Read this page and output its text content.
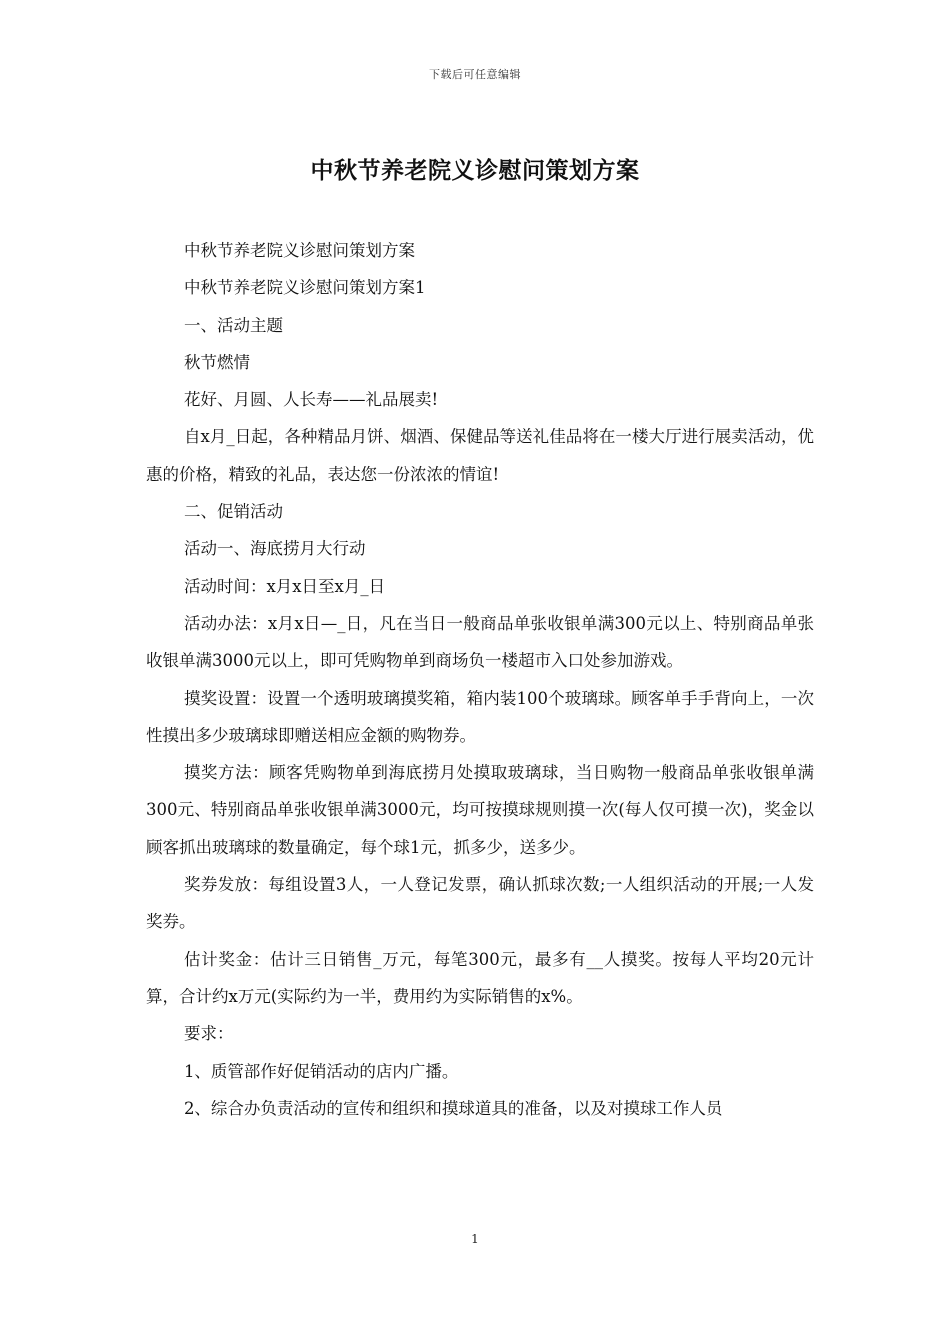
下载后可任意编辑
中秋节养老院义诊慰问策划方案

中秋节养老院义诊慰问策划方案

中秋节养老院义诊慰问策划方案1

一、活动主题

秋节燃情

花好、月圆、人长寿——礼品展卖!

自x月_日起，各种精品月饼、烟酒、保健品等送礼佳品将在一楼大厅进行展卖活动，优惠的价格，精致的礼品，表达您一份浓浓的情谊!

二、促销活动

活动一、海底捞月大行动

活动时间：x月x日至x月_日

活动办法：x月x日—_日，凡在当日一般商品单张收银单满300元以上、特别商品单张收银单满3000元以上，即可凭购物单到商场负一楼超市入口处参加游戏。

摸奖设置：设置一个透明玻璃摸奖箱，箱内装100个玻璃球。顾客单手手背向上，一次性摸出多少玻璃球即赠送相应金额的购物券。

摸奖方法：顾客凭购物单到海底捞月处摸取玻璃球，当日购物一般商品单张收银单满300元、特别商品单张收银单满3000元，均可按摸球规则摸一次(每人仅可摸一次)，奖金以顾客抓出玻璃球的数量确定，每个球1元，抓多少，送多少。

奖券发放：每组设置3人，一人登记发票，确认抓球次数;一人组织活动的开展;一人发奖券。

估计奖金：估计三日销售_万元，每笔300元，最多有__人摸奖。按每人平均20元计算，合计约x万元(实际约为一半，费用约为实际销售的x%。

要求：

1、质管部作好促销活动的店内广播。

2、综合办负责活动的宣传和组织和摸球道具的准备，以及对摸球工作人员

1
